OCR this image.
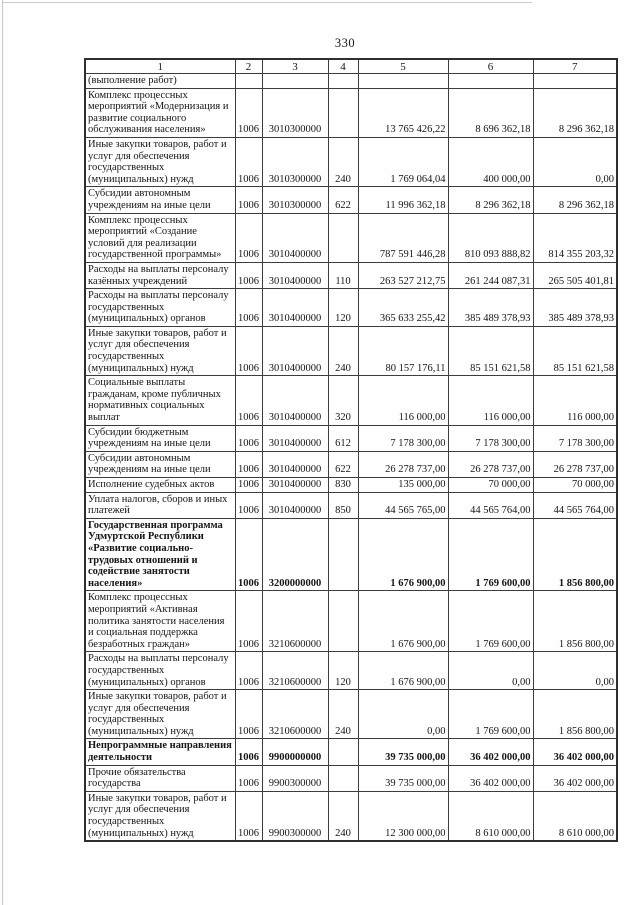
330
1	2	3	4	5	6	7
(выполнение работ)						
Комплекс процессных мероприятий «Модернизация и развитие социального обслуживания населения»	1006	3010300000		13 765 426,22	8 696 362,18	8 296 362,18
Иные закупки товаров, работ и услуг для обеспечения государственных (муниципальных) нужд	1006	3010300000	240	1 769 064,04	400 000,00	0,00
Субсидии автономным учреждениям на иные цели	1006	3010300000	622	11 996 362,18	8 296 362,18	8 296 362,18
Комплекс процессных мероприятий «Создание условий для реализации государственной программы»	1006	3010400000		787 591 446,28	810 093 888,82	814 355 203,32
Расходы на выплаты персоналу казённых учреждений	1006	3010400000	110	263 527 212,75	261 244 087,31	265 505 401,81
Расходы на выплаты персоналу государственных (муниципальных) органов	1006	3010400000	120	365 633 255,42	385 489 378,93	385 489 378,93
Иные закупки товаров, работ и услуг для обеспечения государственных (муниципальных) нужд	1006	3010400000	240	80 157 176,11	85 151 621,58	85 151 621,58
Социальные выплаты гражданам, кроме публичных нормативных социальных выплат	1006	3010400000	320	116 000,00	116 000,00	116 000,00
Субсидии бюджетным учреждениям на иные цели	1006	3010400000	612	7 178 300,00	7 178 300,00	7 178 300,00
Субсидии автономным учреждениям на иные цели	1006	3010400000	622	26 278 737,00	26 278 737,00	26 278 737,00
Исполнение судебных актов	1006	3010400000	830	135 000,00	70 000,00	70 000,00
Уплата налогов, сборов и иных платежей	1006	3010400000	850	44 565 765,00	44 565 764,00	44 565 764,00
Государственная программа Удмуртской Республики «Развитие социально-трудовых отношений и содействие занятости населения»	1006	3200000000		1 676 900,00	1 769 600,00	1 856 800,00
Комплекс процессных мероприятий «Активная политика занятости населения и социальная поддержка безработных граждан»	1006	3210600000		1 676 900,00	1 769 600,00	1 856 800,00
Расходы на выплаты персоналу государственных (муниципальных) органов	1006	3210600000	120	1 676 900,00	0,00	0,00
Иные закупки товаров, работ и услуг для обеспечения государственных (муниципальных) нужд	1006	3210600000	240	0,00	1 769 600,00	1 856 800,00
Непрограммные направления деятельности	1006	9900000000		39 735 000,00	36 402 000,00	36 402 000,00
Прочие обязательства государства	1006	9900300000		39 735 000,00	36 402 000,00	36 402 000,00
Иные закупки товаров, работ и услуг для обеспечения государственных (муниципальных) нужд	1006	9900300000	240	12 300 000,00	8 610 000,00	8 610 000,00
